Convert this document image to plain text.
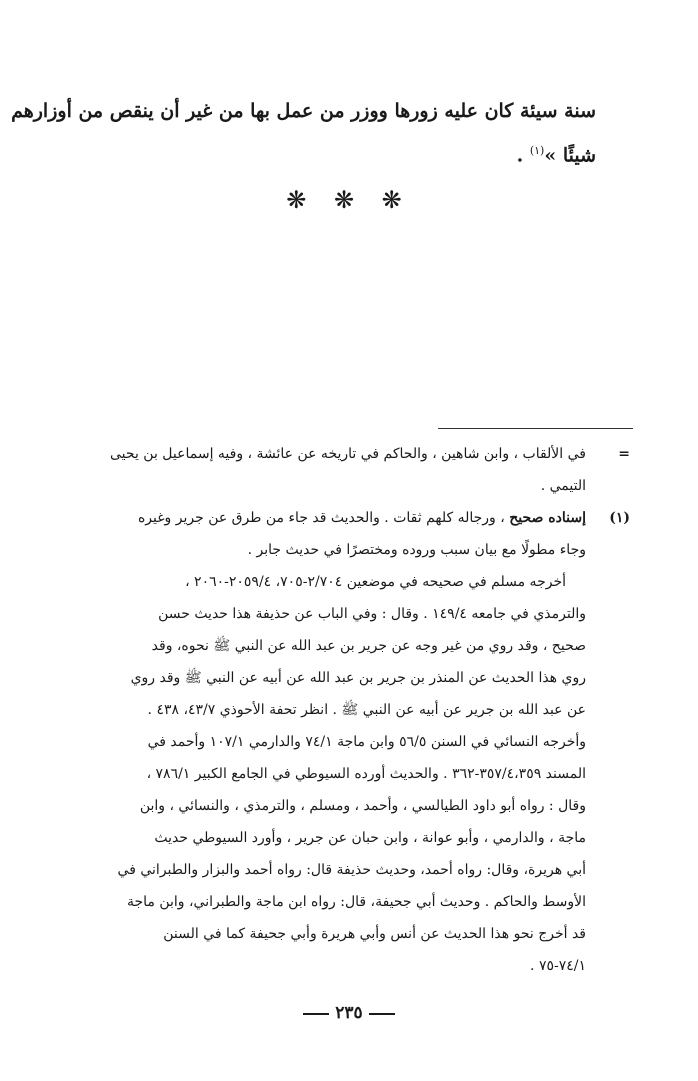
سنة سيئة كان عليه زورها ووزر من عمل بها من غير أن ينقص من أوزارهم
شيئًا »$^{(١)}$ .
❋ ❋ ❋
=
في الألقاب ، وابن شاهين ، والحاكم في تاريخه عن عائشة ، وفيه إسماعيل بن يحيى
التيمي .
(١)
إسناده صحيح ، ورجاله كلهم ثقات . والحديث قد جاء من طرق عن جرير وغيره
وجاء مطولًا مع بيان سبب وروده ومختصرًا في حديث جابر .
أخرجه مسلم في صحيحه في موضعين ٢/٧٠٤-٧٠٥، ٢٠٥٩/٤-٢٠٦٠ ،
والترمذي في جامعه ١٤٩/٤ . وقال : وفي الباب عن حذيفة هذا حديث حسن
صحيح ، وقد روي من غير وجه عن جرير بن عبد الله عن النبي ﷺ نحوه، وقد
روي هذا الحديث عن المنذر بن جرير بن عبد الله عن أبيه عن النبي ﷺ وقد روي
عن عبد الله بن جرير عن أبيه عن النبي ﷺ . انظر تحفة الأحوذي ٤٣/٧، ٤٣٨ .
وأخرجه النسائي في السنن ٥٦/٥ وابن ماجة ٧٤/١ والدارمي ١٠٧/١ وأحمد في
المسند ٣٥٧/٤،٣٥٩-٣٦٢ . والحديث أورده السيوطي في الجامع الكبير ٧٨٦/١ ،
وقال : رواه أبو داود الطيالسي ، وأحمد ، ومسلم ، والترمذي ، والنسائي ، وابن
ماجة ، والدارمي ، وأبو عوانة ، وابن حبان عن جرير ، وأورد السيوطي حديث
أبي هريرة، وقال: رواه أحمد، وحديث حذيفة قال: رواه أحمد والبزار والطبراني في
الأوسط والحاكم . وحديث أبي جحيفة، قال: رواه ابن ماجة والطبراني، وابن ماجة
قد أخرج نحو هذا الحديث عن أنس وأبي هريرة وأبي جحيفة كما في السنن
٧٤/١-٧٥ .
٢٣٥
